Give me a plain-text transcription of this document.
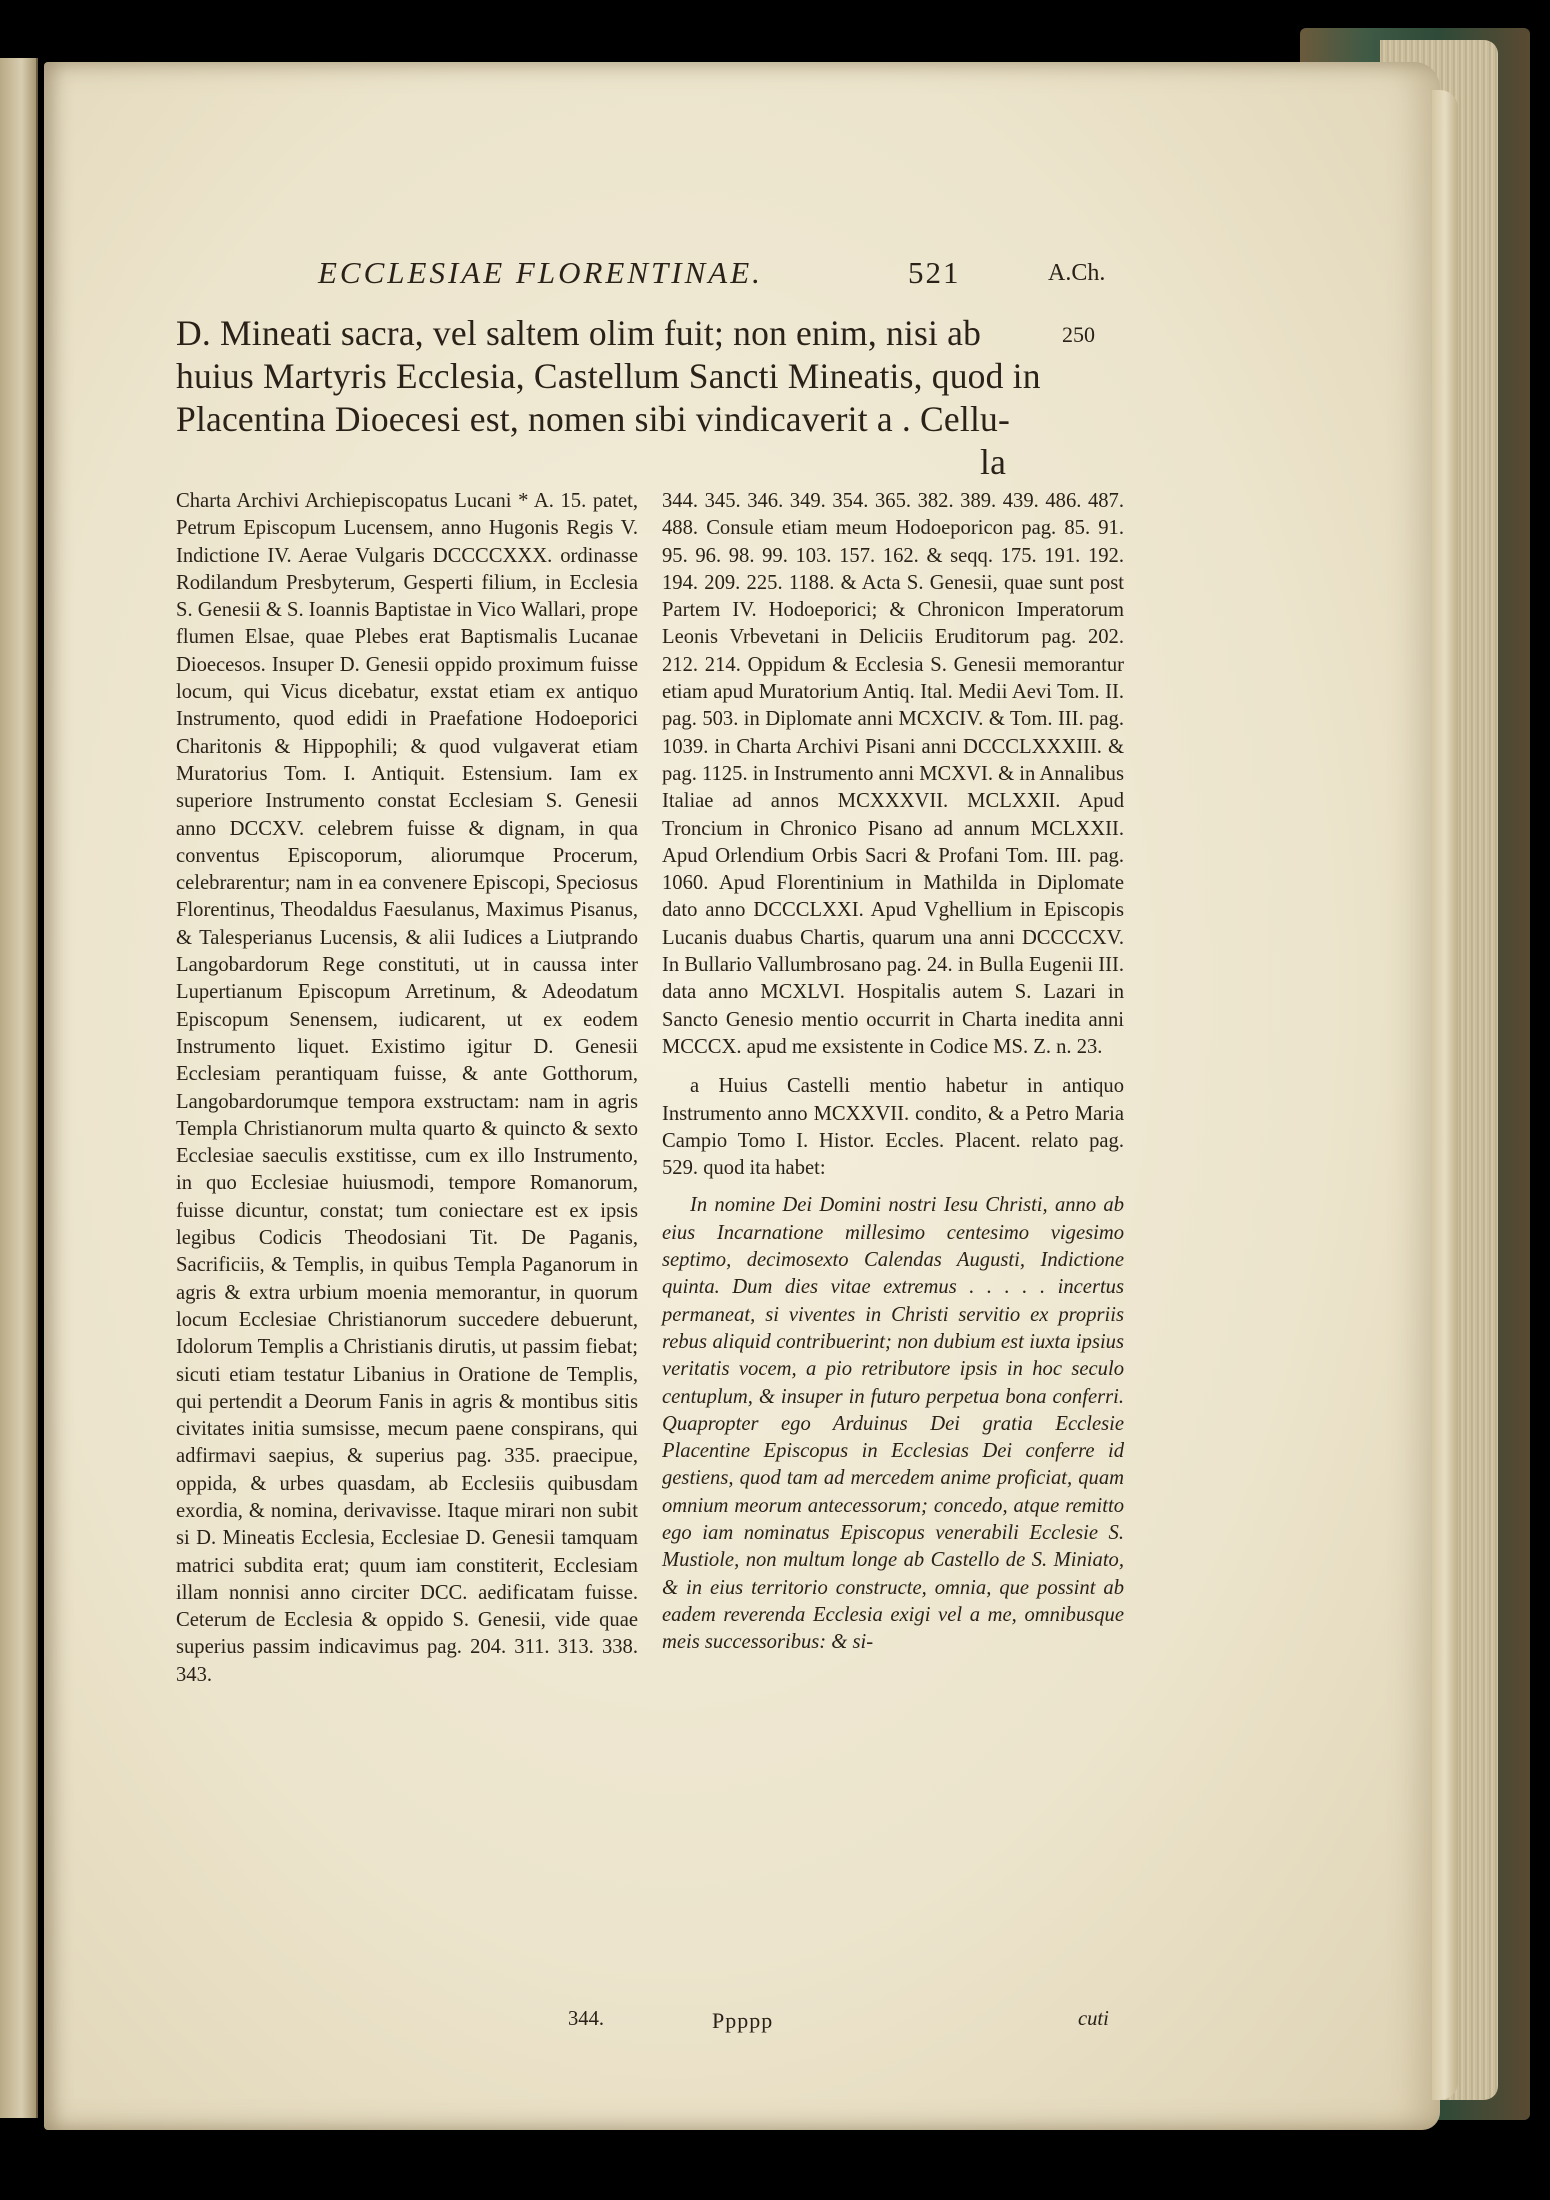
ECCLESIAE FLORENTINAE.	521	A.Ch.
250
D. Mineati sacra, vel saltem olim fuit; non enim, nisi ab
huius Martyris Ecclesia, Castellum Sancti Mineatis, quod in
Placentina Dioecesi est, nomen sibi vindicaverit a . Cellu-
la

Charta Archivi Archiepiscopatus Lucani * A. 15. patet, Petrum Episcopum Lucensem, anno Hugonis Regis V. Indictione IV. Aerae Vulgaris DCCCCXXX. ordinasse Rodilandum Presbyterum, Gesperti filium, in Ecclesia S. Genesii & S. Ioannis Baptistae in Vico Wallari, prope flumen Elsae, quae Plebes erat Baptismalis Lucanae Dioecesos. Insuper D. Genesii oppido proximum fuisse locum, qui Vicus dicebatur, exstat etiam ex antiquo Instrumento, quod edidi in Praefatione Hodoeporici Charitonis & Hippophili; & quod vulgaverat etiam Muratorius Tom. I. Antiquit. Estensium. Iam ex superiore Instrumento constat Ecclesiam S. Genesii anno DCCXV. celebrem fuisse & dignam, in qua conventus Episcoporum, aliorumque Procerum, celebrarentur; nam in ea convenere Episcopi, Speciosus Florentinus, Theodaldus Faesulanus, Maximus Pisanus, & Talesperianus Lucensis, & alii Iudices a Liutprando Langobardorum Rege constituti, ut in caussa inter Lupertianum Episcopum Arretinum, & Adeodatum Episcopum Senensem, iudicarent, ut ex eodem Instrumento liquet. Existimo igitur D. Genesii Ecclesiam perantiquam fuisse, & ante Gotthorum, Langobardorumque tempora exstructam: nam in agris Templa Christianorum multa quarto & quincto & sexto Ecclesiae saeculis exstitisse, cum ex illo Instrumento, in quo Ecclesiae huiusmodi, tempore Romanorum, fuisse dicuntur, constat; tum coniectare est ex ipsis legibus Codicis Theodosiani Tit. De Paganis, Sacrificiis, & Templis, in quibus Templa Paganorum in agris & extra urbium moenia memorantur, in quorum locum Ecclesiae Christianorum succedere debuerunt, Idolorum Templis a Christianis dirutis, ut passim fiebat; sicuti etiam testatur Libanius in Oratione de Templis, qui pertendit a Deorum Fanis in agris & montibus sitis civitates initia sumsisse, mecum paene conspirans, qui adfirmavi saepius, & superius pag. 335. praecipue, oppida, & urbes quasdam, ab Ecclesiis quibusdam exordia, & nomina, derivavisse. Itaque mirari non subit si D. Mineatis Ecclesia, Ecclesiae D. Genesii tamquam matrici subdita erat; quum iam constiterit, Ecclesiam illam nonnisi anno circiter DCC. aedificatam fuisse. Ceterum de Ecclesia & oppido S. Genesii, vide quae superius passim indicavimus pag. 204. 311. 313. 338. 343.

344.

344. 345. 346. 349. 354. 365. 382. 389. 439. 486. 487. 488. Consule etiam meum Hodoeporicon pag. 85. 91. 95. 96. 98. 99. 103. 157. 162. & seqq. 175. 191. 192. 194. 209. 225. 1188. & Acta S. Genesii, quae sunt post Partem IV. Hodoeporici; & Chronicon Imperatorum Leonis Vrbevetani in Deliciis Eruditorum pag. 202. 212. 214. Oppidum & Ecclesia S. Genesii memorantur etiam apud Muratorium Antiq. Ital. Medii Aevi Tom. II. pag. 503. in Diplomate anni MCXCIV. & Tom. III. pag. 1039. in Charta Archivi Pisani anni DCCCLXXXIII. & pag. 1125. in Instrumento anni MCXVI. & in Annalibus Italiae ad annos MCXXXVII. MCLXXII. Apud Troncium in Chronico Pisano ad annum MCLXXII. Apud Orlendium Orbis Sacri & Profani Tom. III. pag. 1060. Apud Florentinium in Mathilda in Diplomate dato anno DCCCLXXI. Apud Vghellium in Episcopis Lucanis duabus Chartis, quarum una anni DCCCCXV. In Bullario Vallumbrosano pag. 24. in Bulla Eugenii III. data anno MCXLVI. Hospitalis autem S. Lazari in Sancto Genesio mentio occurrit in Charta inedita anni MCCCX. apud me exsistente in Codice MS. Z. n. 23.

a Huius Castelli mentio habetur in antiquo Instrumento anno MCXXVII. condito, & a Petro Maria Campio Tomo I. Histor. Eccles. Placent. relato pag. 529. quod ita habet:

In nomine Dei Domini nostri Iesu Christi, anno ab eius Incarnatione millesimo centesimo vigesimo septimo, decimosexto Calendas Augusti, Indictione quinta. Dum dies vitae extremus . . . . . incertus permaneat, si viventes in Christi servitio ex propriis rebus aliquid contribuerint; non dubium est iuxta ipsius veritatis vocem, a pio retributore ipsis in hoc seculo centuplum, & insuper in futuro perpetua bona conferri. Quapropter ego Arduinus Dei gratia Ecclesie Placentine Episcopus in Ecclesias Dei conferre id gestiens, quod tam ad mercedem anime proficiat, quam omnium meorum antecessorum; concedo, atque remitto ego iam nominatus Episcopus venerabili Ecclesie S. Mustiole, non multum longe ab Castello de S. Miniato, & in eius territorio constructe, omnia, que possint ab eadem reverenda Ecclesia exigi vel a me, omnibusque meis successoribus: & si-

Ppppp	cuti
